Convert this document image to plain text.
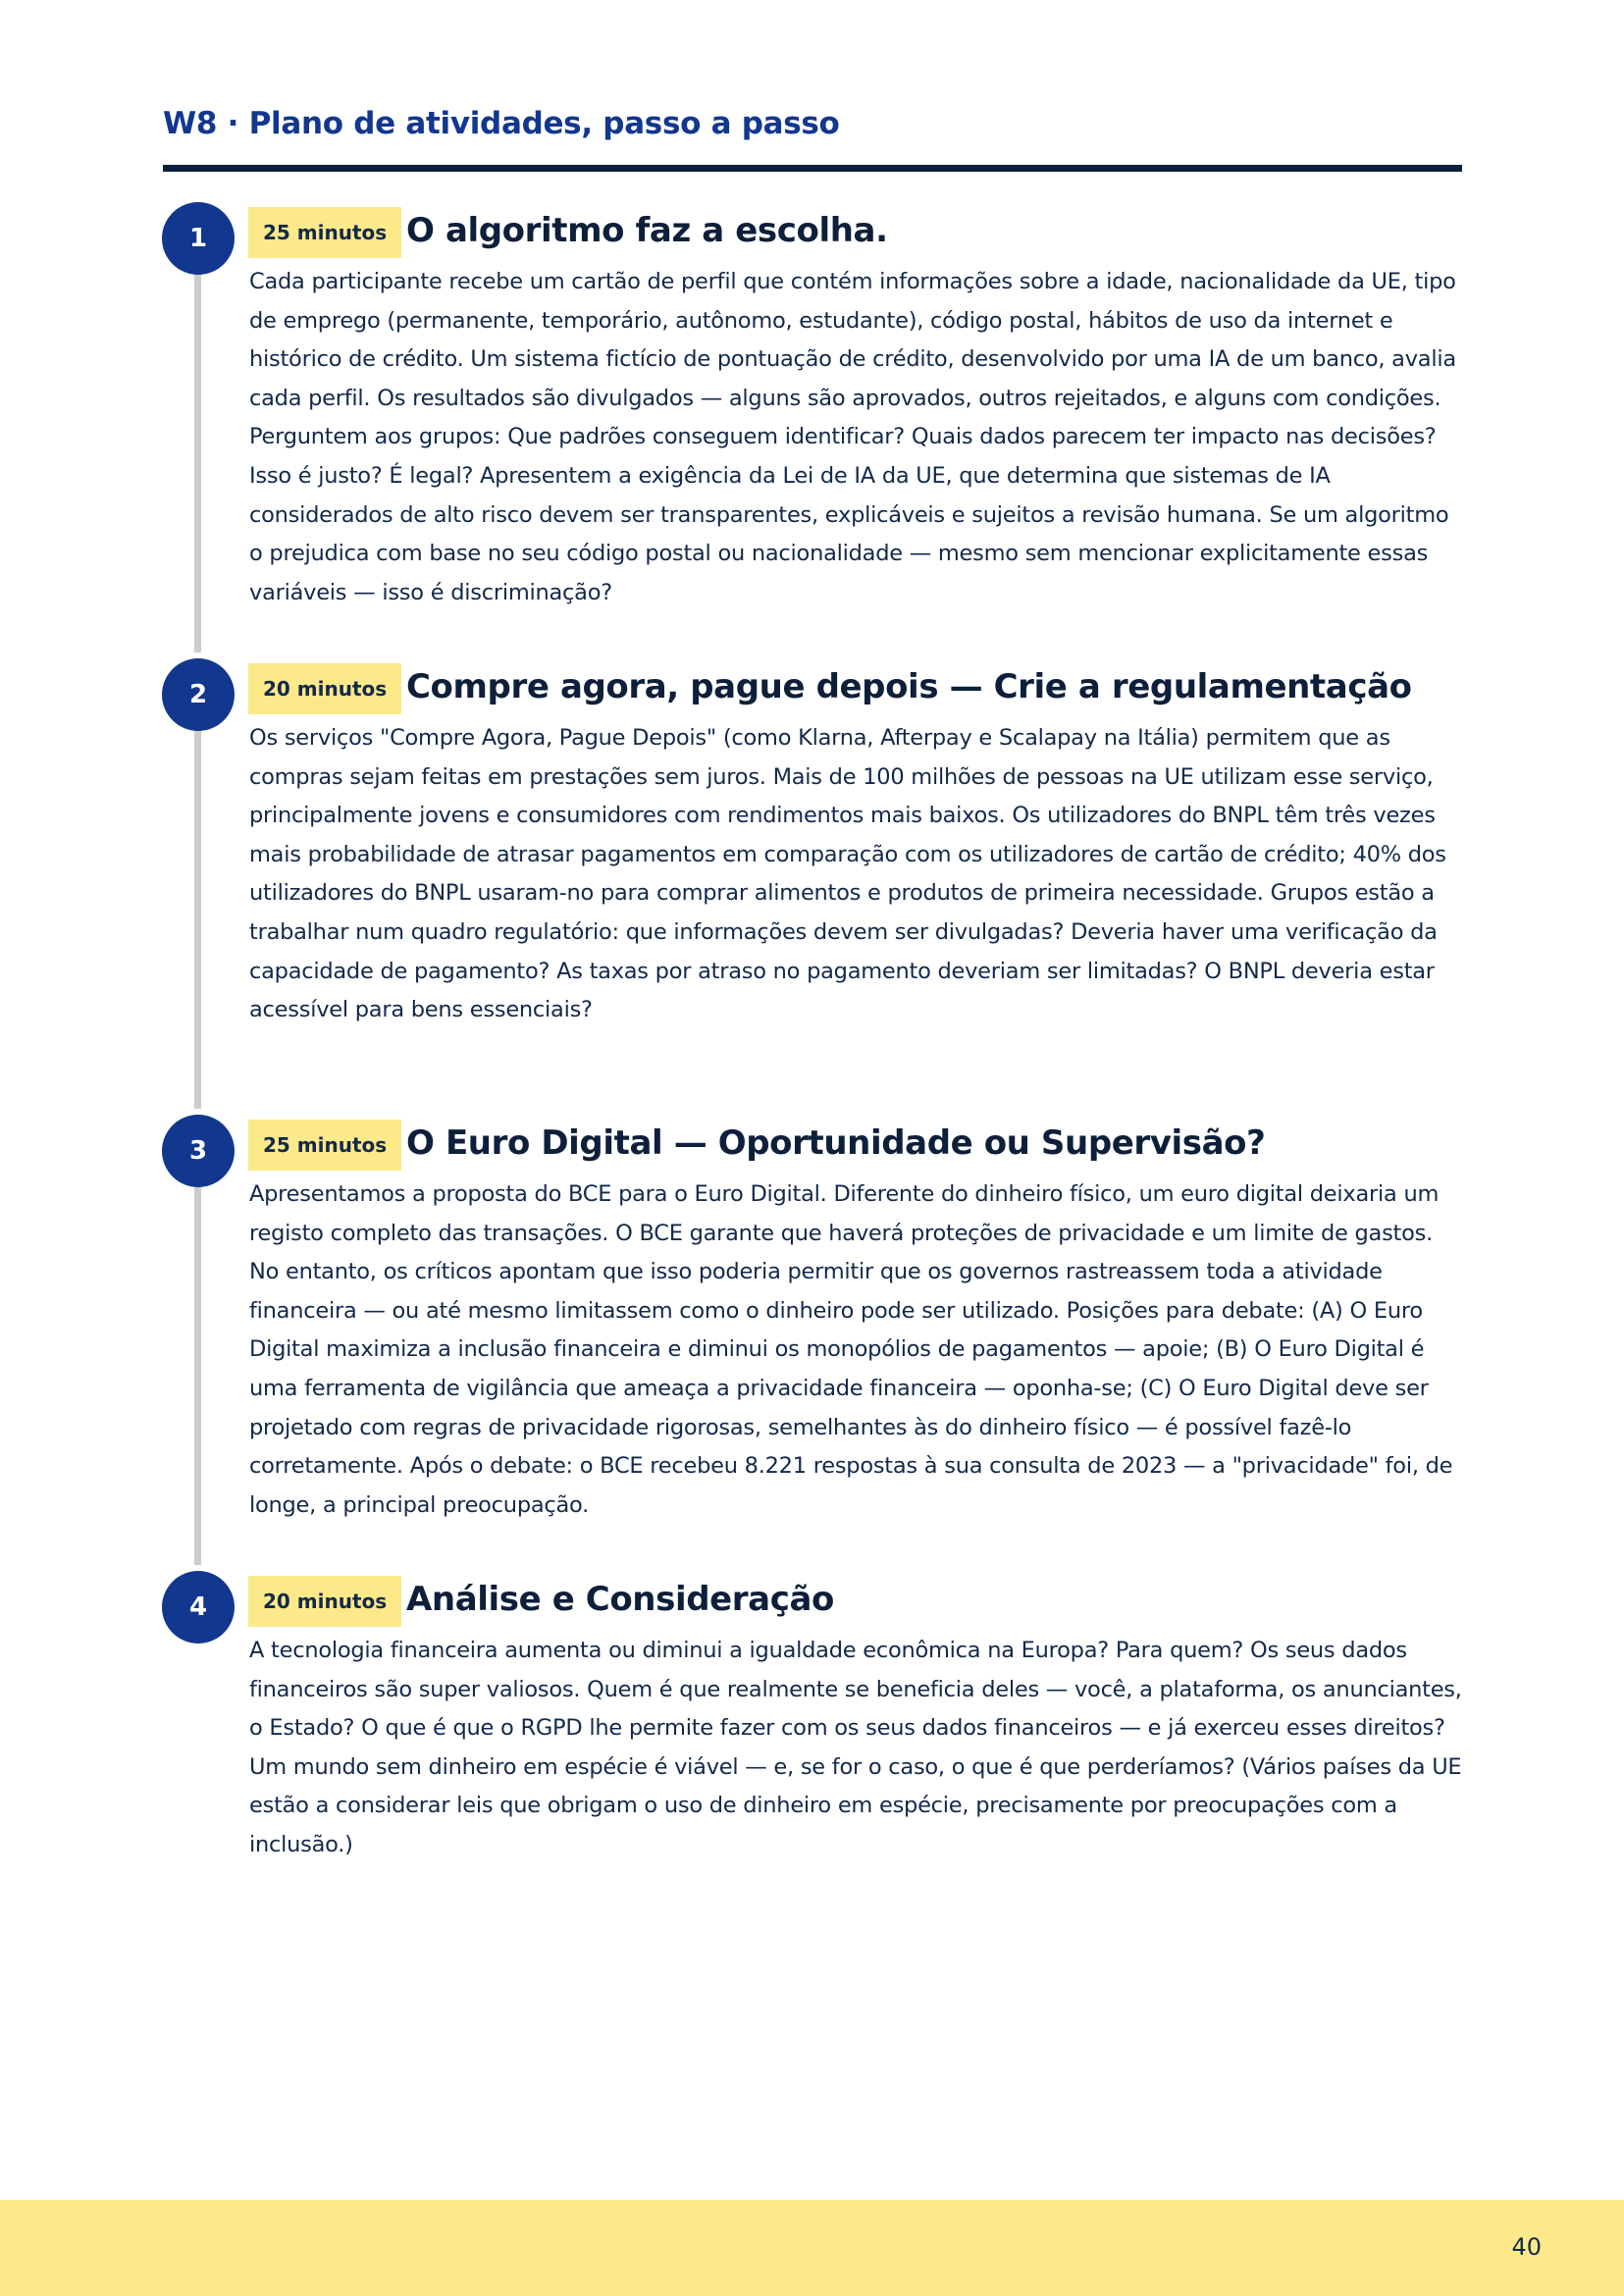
W8 · Plano de atividades, passo a passo
1	25 minutos O algoritmo faz a escolha.

Cada participante recebe um cartão de perfil que contém informações sobre a idade, nacionalidade da UE, tipo de emprego (permanente, temporário, autônomo, estudante), código postal, hábitos de uso da internet e histórico de crédito. Um sistema fictício de pontuação de crédito, desenvolvido por uma IA de um banco, avalia cada perfil. Os resultados são divulgados — alguns são aprovados, outros rejeitados, e alguns com condições. Perguntem aos grupos: Que padrões conseguem identificar? Quais dados parecem ter impacto nas decisões? Isso é justo? É legal? Apresentem a exigência da Lei de IA da UE, que determina que sistemas de IA considerados de alto risco devem ser transparentes, explicáveis e sujeitos a revisão humana. Se um algoritmo o prejudica com base no seu código postal ou nacionalidade — mesmo sem mencionar explicitamente essas variáveis — isso é discriminação?

2	20 minutos Compre agora, pague depois — Crie a regulamentação

Os serviços "Compre Agora, Pague Depois" (como Klarna, Afterpay e Scalapay na Itália) permitem que as compras sejam feitas em prestações sem juros. Mais de 100 milhões de pessoas na UE utilizam esse serviço, principalmente jovens e consumidores com rendimentos mais baixos. Os utilizadores do BNPL têm três vezes mais probabilidade de atrasar pagamentos em comparação com os utilizadores de cartão de crédito; 40% dos utilizadores do BNPL usaram-no para comprar alimentos e produtos de primeira necessidade. Grupos estão a trabalhar num quadro regulatório: que informações devem ser divulgadas? Deveria haver uma verificação da capacidade de pagamento? As taxas por atraso no pagamento deveriam ser limitadas? O BNPL deveria estar acessível para bens essenciais?

3	25 minutos O Euro Digital — Oportunidade ou Supervisão?

Apresentamos a proposta do BCE para o Euro Digital. Diferente do dinheiro físico, um euro digital deixaria um registo completo das transações. O BCE garante que haverá proteções de privacidade e um limite de gastos. No entanto, os críticos apontam que isso poderia permitir que os governos rastreassem toda a atividade financeira — ou até mesmo limitassem como o dinheiro pode ser utilizado. Posições para debate: (A) O Euro Digital maximiza a inclusão financeira e diminui os monopólios de pagamentos — apoie; (B) O Euro Digital é uma ferramenta de vigilância que ameaça a privacidade financeira — oponha-se; (C) O Euro Digital deve ser projetado com regras de privacidade rigorosas, semelhantes às do dinheiro físico — é possível fazê-lo corretamente. Após o debate: o BCE recebeu 8.221 respostas à sua consulta de 2023 — a "privacidade" foi, de longe, a principal preocupação.

4	20 minutos Análise e Consideração

A tecnologia financeira aumenta ou diminui a igualdade econômica na Europa? Para quem? Os seus dados financeiros são super valiosos. Quem é que realmente se beneficia deles — você, a plataforma, os anunciantes, o Estado? O que é que o RGPD lhe permite fazer com os seus dados financeiros — e já exerceu esses direitos? Um mundo sem dinheiro em espécie é viável — e, se for o caso, o que é que perderíamos? (Vários países da UE estão a considerar leis que obrigam o uso de dinheiro em espécie, precisamente por preocupações com a inclusão.)

40
